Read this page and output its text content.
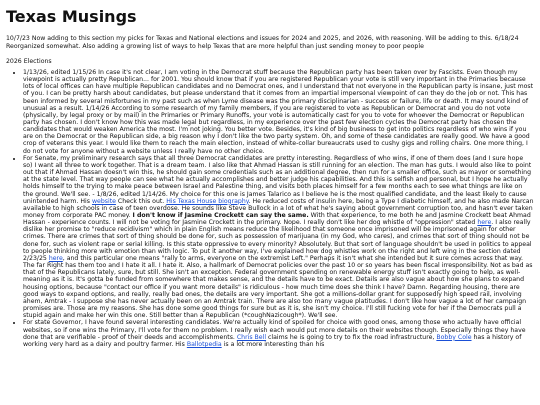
Texas Musings

10/7/23 Now adding to this section my picks for Texas and National elections and issues for 2024 and 2025, and 2026, with reasoning. Will be adding to this. 6/18/24 Reorganized somewhat. Also adding a growing list of ways to help Texas that are more helpful than just sending money to poor people

2026 Elections

• 1/13/26, edited 1/15/26 In case it's not clear, I am voting in the Democrat stuff because the Republican party has been taken over by Fascists. Even though my viewpoint is actually pretty Republican... for 2001. You should know that if you are registered Republican your vote is still very important in the Primaries because lots of local offices can have multiple Republican candidates and no Democrat ones, and I understand that not everyone in the Republican party is insane, just most of you. I can be pretty harsh about candidates, but please understand that it comes from an impartial impersonal viewpoint of can they do the job or not. This has been informed by several misfortunes in my past such as when Lyme disease was the primary disciplinarian - success or failure, life or death. It may sound kind of unusual as a result. 1/14/26 According to some research of my family members, if you are registered to vote as Republican or Democrat and you do not vote (physically, by legal proxy or by mail) in the Primaries or Primary Runoffs, your vote is automatically cast for you to vote for whoever the Democrat or Republican party has chosen. I don't know how this was made legal but regardless, in my experience over the past few election cycles the Democrat party has chosen the candidates that would weaken America the most. I'm not joking. You better vote. Besides, it's kind of big business to get into politics regardless of who wins if you are on the Democrat or the Republican side, a big reason why I don't like the two party system. Oh, and some of these candidates are really good. We have a good crop of veterans this year. I would like them to reach the main election, instead of white-collar bureaucrats used to cushy gigs and rolling chairs. One more thing, I do not vote for anyone without a website unless I really have no other choice.
• For Senate, my preliminary research says that all three Democrat candidates are pretty interesting. Regardless of who wins, if one of them does (and I sure hope so) I want all three to work together. That is a dream team. I also like that Ahmad Hassan is still running for an election. The man has guts. I would also like to point out that if Ahmad Hassan doesn't win this, he should gain some credentials such as an additional degree, then run for a smaller office, such as mayor or something at the state level. That way people can see what he actually accomplishes and better judge his capabilities. And this is selfish and personal, but I hope he actually holds himself to the trying to make peace between Israel and Palestine thing, and visits both places himself for a few months each to see what things are like on the ground. We'll see. - 1/8/26, edited 1/14/26. My choice for this one is James Talarico as I believe he is the most qualified candidate, and the least likely to cause unintended harm. His website Check this out. His Texas House biography. He reduced costs of insulin here, being a Type I diabetic himself, and he also made Narcan available to high schools in case of teen overdose. He sounds like Steve Bullock in a lot of what he's saying about government corruption too, and hasn't ever taken money from corporate PAC money. I don't know if Jasmine Crockett can say the same. With that experience, to me both he and Jasmine Crockett beat Ahmad Hassan - experience counts. I will not be voting for Jasmine Crockett in the primary. Nope. I really don't like her dog whistle of "oppression" stated here. I also really dislike her promise to "reduce recidivism" which in plain English means reduce the likelihood that someone once imprisoned will be imprisoned again for other crimes. There are crimes that sort of thing should be done for, such as possession of marijuana (in my God, who cares), and crimes that sort of thing should not be done for, such as violent rape or serial killing. Is this state oppressive to every minority? Absolutely. But that sort of language shouldn't be used in politics to appeal to people thinking more with emotion than with logic. To put it another way, I've explained how dog whistles work on the right and left wing in the section dated 2/23/25 here, and this particular one means "rally to arms, everyone on the extremist Left." Perhaps it isn't what she intended but it sure comes across that way. The far Right has them too and I hate it all. I hate it. Also, a hallmark of Democrat policies over the past 10 or so years has been fiscal irresponsibility. Not as bad as that of the Republicans lately, sure, but still. She isn't an exception. Federal government spending on renewable energy stuff isn't exactly going to help, as well-meaning as it is. It's gotta be funded from somewhere that makes sense, and the details have to be exact. Details are also vague about how she plans to expand housing options, because "contact our office if you want more details" is ridiculous - how much time does she think I have? Damn. Regarding housing, there are good ways to expand options, and really, really bad ones, the details are very important. She got a millions-dollar grant for supposedly high speed rail, involving ahem, Amtrak - I suppose she has never actually been on an Amtrak train. There are also too many vague platitudes. I don't like how vague a lot of her campaign promises are. Those are my reasons. She has done some good things for sure but as it is, she isn't my choice. I'll still fucking vote for her if the Democrats pull a stupid again and make her win this one. Still better than a Republican (*coughNazicough*). We'll see.
• For state Governor, I have found several interesting candidates. We're actually kind of spoiled for choice with good ones, among those who actually have official websites, so if one wins the Primary, I'll vote for them no problem. I really wish each would put more details on their websites though. Especially things they have done that are verifiable - proof of their deeds and accomplishments. Chris Bell claims he is going to try to fix the road infrastructure, Bobby Cole has a history of working very hard as a dairy and poultry farmer. His Ballotpedia is a lot more interesting than his
